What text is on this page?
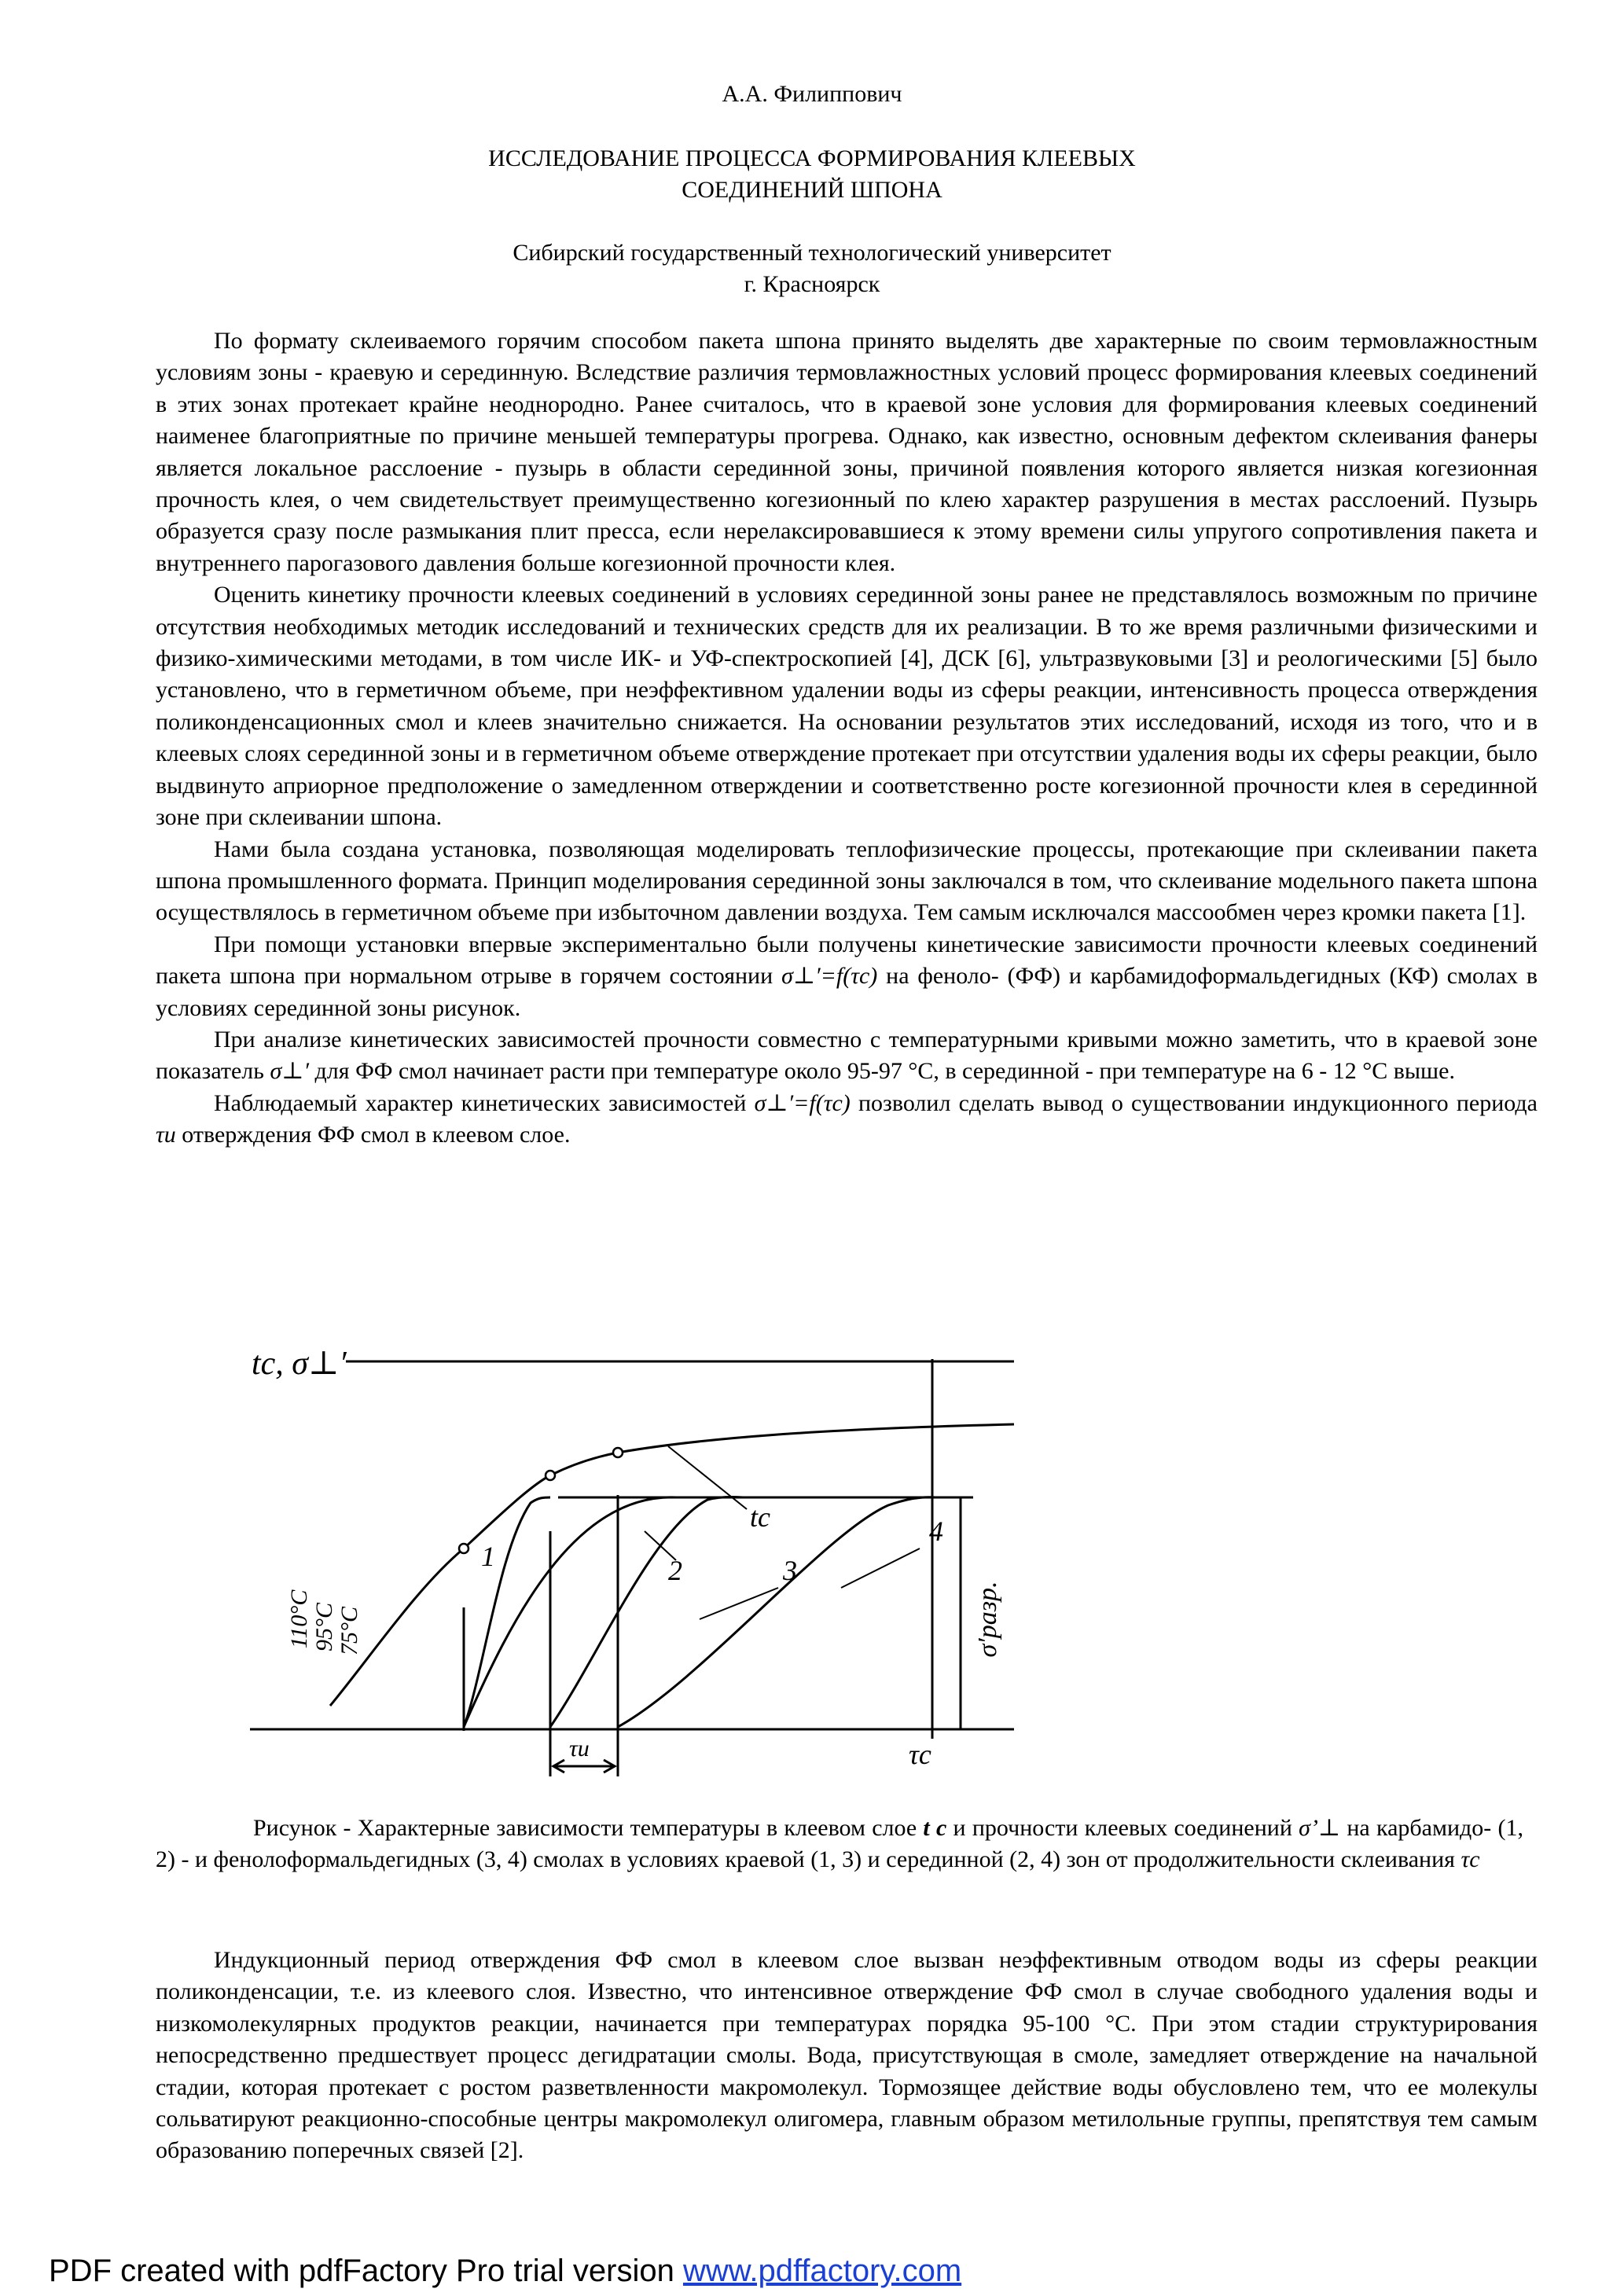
А.А. Филиппович
ИССЛЕДОВАНИЕ ПРОЦЕССА ФОРМИРОВАНИЯ КЛЕЕВЫХ
СОЕДИНЕНИЙ ШПОНА
Сибирский государственный технологический университет
г. Красноярск

По формату склеиваемого горячим способом пакета шпона принято выделять две характерные по своим термовлажностным условиям зоны - краевую и серединную. Вследствие различия термовлажностных условий процесс формирования клеевых соединений в этих зонах протекает крайне неоднородно. Ранее считалось, что в краевой зоне условия для формирования клеевых соединений наименее благоприятные по причине меньшей температуры прогрева. Однако, как известно, основным дефектом склеивания фанеры является локальное расслоение - пузырь в области серединной зоны, причиной появления которого является низкая когезионная прочность клея, о чем свидетельствует преимущественно когезионный по клею характер разрушения в местах расслоений. Пузырь образуется сразу после размыкания плит пресса, если нерелаксировавшиеся к этому времени силы упругого сопротивления пакета и внутреннего парогазового давления больше когезионной прочности клея.

Оценить кинетику прочности клеевых соединений в условиях серединной зоны ранее не представлялось возможным по причине отсутствия необходимых методик исследований и технических средств для их реализации. В то же время различными физическими и физико-химическими методами, в том числе ИК- и УФ-спектроскопией [4], ДСК [6], ультразвуковыми [3] и реологическими [5] было установлено, что в герметичном объеме, при неэффективном удалении воды из сферы реакции, интенсивность процесса отверждения поликонденсационных смол и клеев значительно снижается. На основании результатов этих исследований, исходя из того, что и в клеевых слоях серединной зоны и в герметичном объеме отверждение протекает при отсутствии удаления воды их сферы реакции, было выдвинуто априорное предположение о замедленном отверждении и соответственно росте когезионной прочности клея в серединной зоне при склеивании шпона.

Нами была создана установка, позволяющая моделировать теплофизические процессы, протекающие при склеивании пакета шпона промышленного формата. Принцип моделирования серединной зоны заключался в том, что склеивание модельного пакета шпона осуществлялось в герметичном объеме при избыточном давлении воздуха. Тем самым исключался массообмен через кромки пакета [1].

При помощи установки впервые экспериментально были получены кинетические зависимости прочности клеевых соединений пакета шпона при нормальном отрыве в горячем состоянии σ⊥′=f(τc) на феноло- (ФФ) и карбамидоформальдегидных (КФ) смолах в условиях серединной зоны рисунок.

При анализе кинетических зависимостей прочности совместно с температурными кривыми можно заметить, что в краевой зоне показатель σ⊥′ для ФФ смол начинает расти при температуре около 95-97 °С, в серединной - при температуре на 6 - 12 °С выше.

Наблюдаемый характер кинетических зависимостей σ⊥′=f(τc) позволил сделать вывод о существовании индукционного периода τи отверждения ФФ смол в клеевом слое.

tc, σ⊥′
110°С 95°С 75°С
1	2	3
4
tc
σ′разр.
τи	τс

Рисунок - Характерные зависимости температуры в клеевом слое t c и прочности клеевых соединений σ’⊥ на карбамидо- (1, 2) - и фенолоформальдегидных (3, 4) смолах в условиях краевой (1, 3) и серединной (2, 4) зон от продолжительности склеивания τс

Индукционный период отверждения ФФ смол в клеевом слое вызван неэффективным отводом воды из сферы реакции поликонденсации, т.е. из клеевого слоя. Известно, что интенсивное отверждение ФФ смол в случае свободного удаления воды и низкомолекулярных продуктов реакции, начинается при температурах порядка 95-100 °С. При этом стадии структурирования непосредственно предшествует процесс дегидратации смолы. Вода, присутствующая в смоле, замедляет отверждение на начальной стадии, которая протекает с ростом разветвленности макромолекул. Тормозящее действие воды обусловлено тем, что ее молекулы сольватируют реакционно-способные центры макромолекул олигомера, главным образом метилольные группы, препятствуя тем самым образованию поперечных связей [2].

PDF created with pdfFactory Pro trial version www.pdffactory.com
